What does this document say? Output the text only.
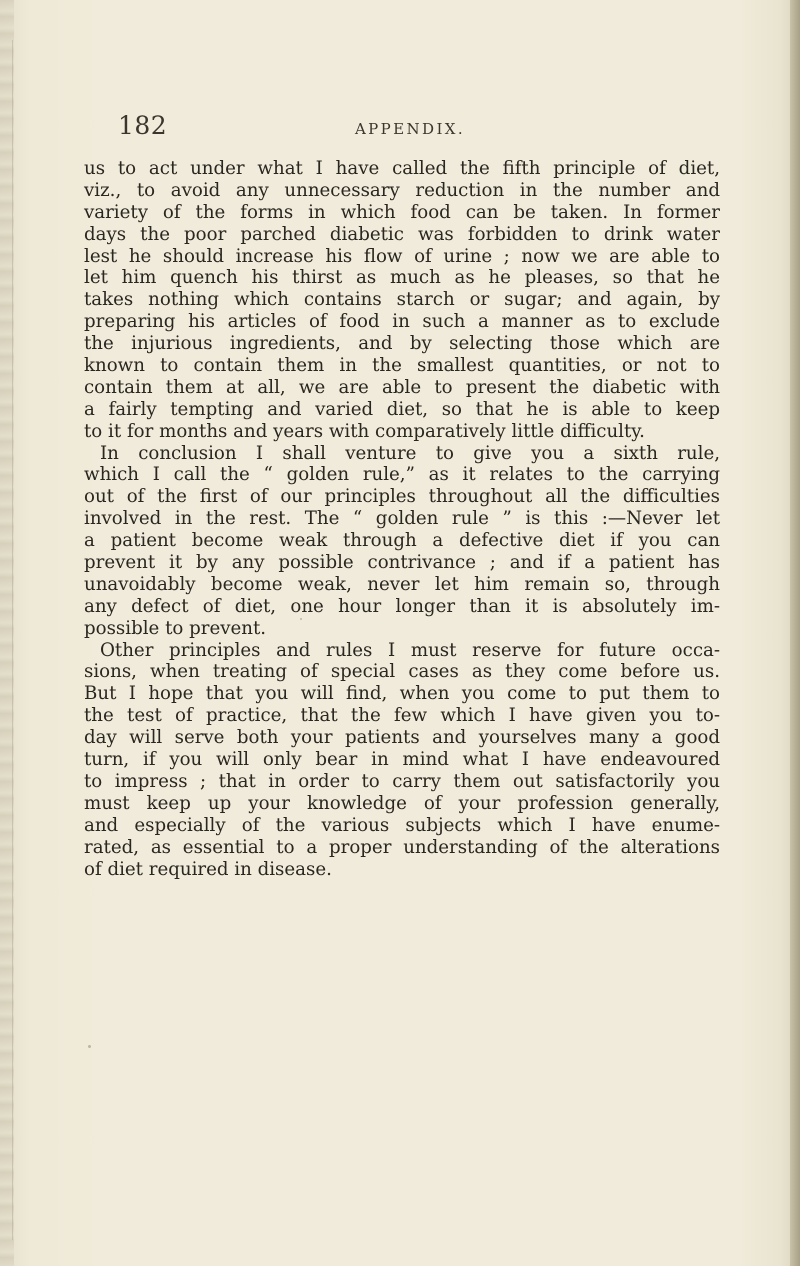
182	APPENDIX.
us to act under what I have called the fifth principle of diet,
viz., to avoid any unnecessary reduction in the number and
variety of the forms in which food can be taken. In former
days the poor parched diabetic was forbidden to drink water
lest he should increase his flow of urine ; now we are able to
let him quench his thirst as much as he pleases, so that he
takes nothing which contains starch or sugar; and again, by
preparing his articles of food in such a manner as to exclude
the injurious ingredients, and by selecting those which are
known to contain them in the smallest quantities, or not to
contain them at all, we are able to present the diabetic with
a fairly tempting and varied diet, so that he is able to keep
to it for months and years with comparatively little difficulty.
In conclusion I shall venture to give you a sixth rule,
which I call the “ golden rule,” as it relates to the carrying
out of the first of our principles throughout all the difficulties
involved in the rest. The “ golden rule ” is this :—Never let
a patient become weak through a defective diet if you can
prevent it by any possible contrivance ; and if a patient has
unavoidably become weak, never let him remain so, through
any defect of diet, one hour longer than it is absolutely im-
possible to prevent.
Other principles and rules I must reserve for future occa-
sions, when treating of special cases as they come before us.
But I hope that you will find, when you come to put them to
the test of practice, that the few which I have given you to-
day will serve both your patients and yourselves many a good
turn, if you will only bear in mind what I have endeavoured
to impress ; that in order to carry them out satisfactorily you
must keep up your knowledge of your profession generally,
and especially of the various subjects which I have enume-
rated, as essential to a proper understanding of the alterations
of diet required in disease.
